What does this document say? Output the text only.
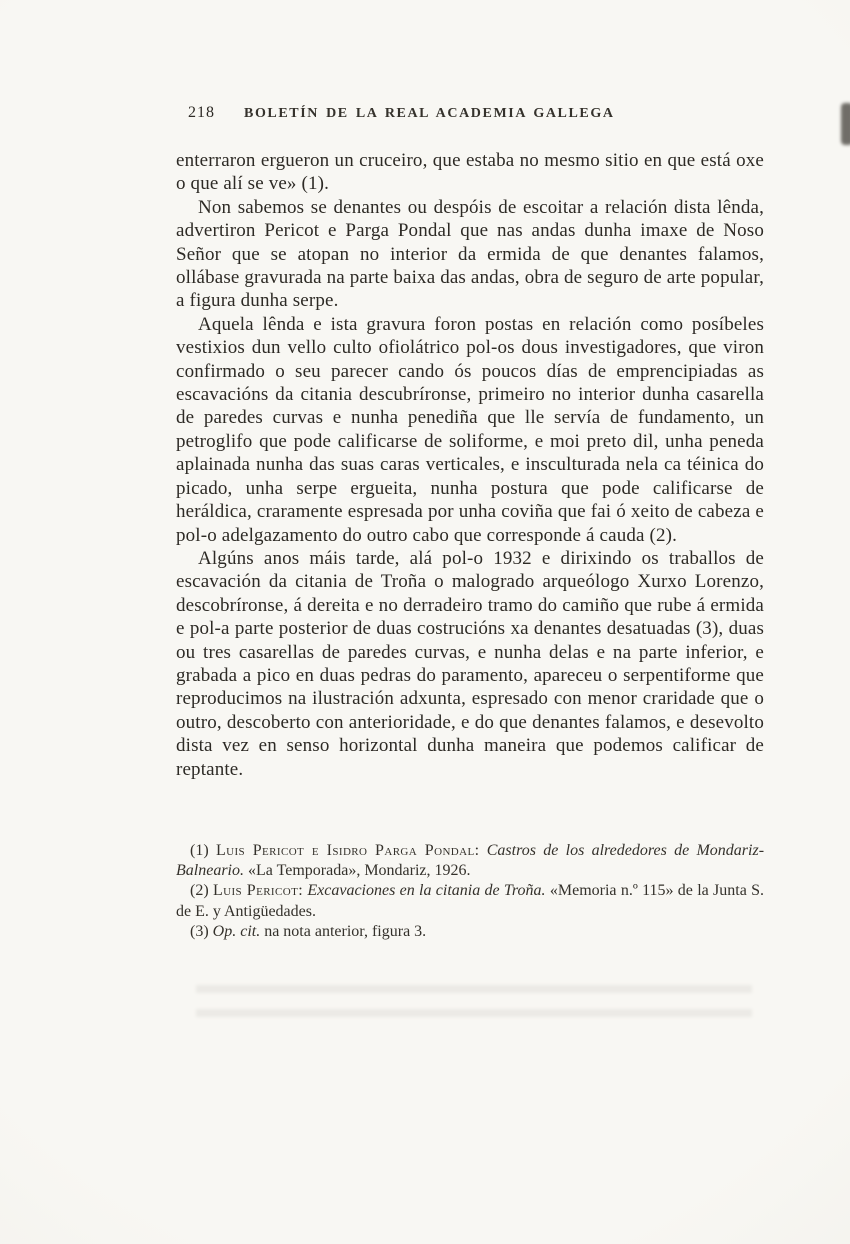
218	BOLETÍN DE LA REAL ACADEMIA GALLEGA

enterraron ergueron un cruceiro, que estaba no mesmo sitio en que está oxe o que alí se ve» (1).

Non sabemos se denantes ou despóis de escoitar a relación dista lênda, advertiron Pericot e Parga Pondal que nas andas dunha imaxe de Noso Señor que se atopan no interior da ermida de que denantes falamos, ollábase gravurada na parte baixa das andas, obra de seguro de arte popular, a figura dunha serpe.

Aquela lênda e ista gravura foron postas en relación como posíbeles vestixios dun vello culto ofiolátrico pol-os dous investigadores, que viron confirmado o seu parecer cando ós poucos días de emprencipiadas as escavacións da citania descubríronse, primeiro no interior dunha casarella de paredes curvas e nunha penediña que lle servía de fundamento, un petroglifo que pode calificarse de soliforme, e moi preto dil, unha peneda aplainada nunha das suas caras verticales, e insculturada nela ca téinica do picado, unha serpe ergueita, nunha postura que pode calificarse de heráldica, craramente espresada por unha coviña que fai ó xeito de cabeza e pol-o adelgazamento do outro cabo que corresponde á cauda (2).

Algúns anos máis tarde, alá pol-o 1932 e dirixindo os traballos de escavación da citania de Troña o malogrado arqueólogo Xurxo Lorenzo, descobríronse, á dereita e no derradeiro tramo do camiño que rube á ermida e pol-a parte posterior de duas costrucións xa denantes desatuadas (3), duas ou tres casarellas de paredes curvas, e nunha delas e na parte inferior, e grabada a pico en duas pedras do paramento, apareceu o serpentiforme que reproducimos na ilustración adxunta, espresado con menor craridade que o outro, descoberto con anterioridade, e do que denantes falamos, e desevolto dista vez en senso horizontal dunha maneira que podemos calificar de reptante.

(1) Luis Pericot e Isidro Parga Pondal: Castros de los alrededores de Mondariz-Balneario. «La Temporada», Mondariz, 1926.

(2) Luis Pericot: Excavaciones en la citania de Troña. «Memoria n.º 115» de la Junta S. de E. y Antigüedades.

(3) Op. cit. na nota anterior, figura 3.
